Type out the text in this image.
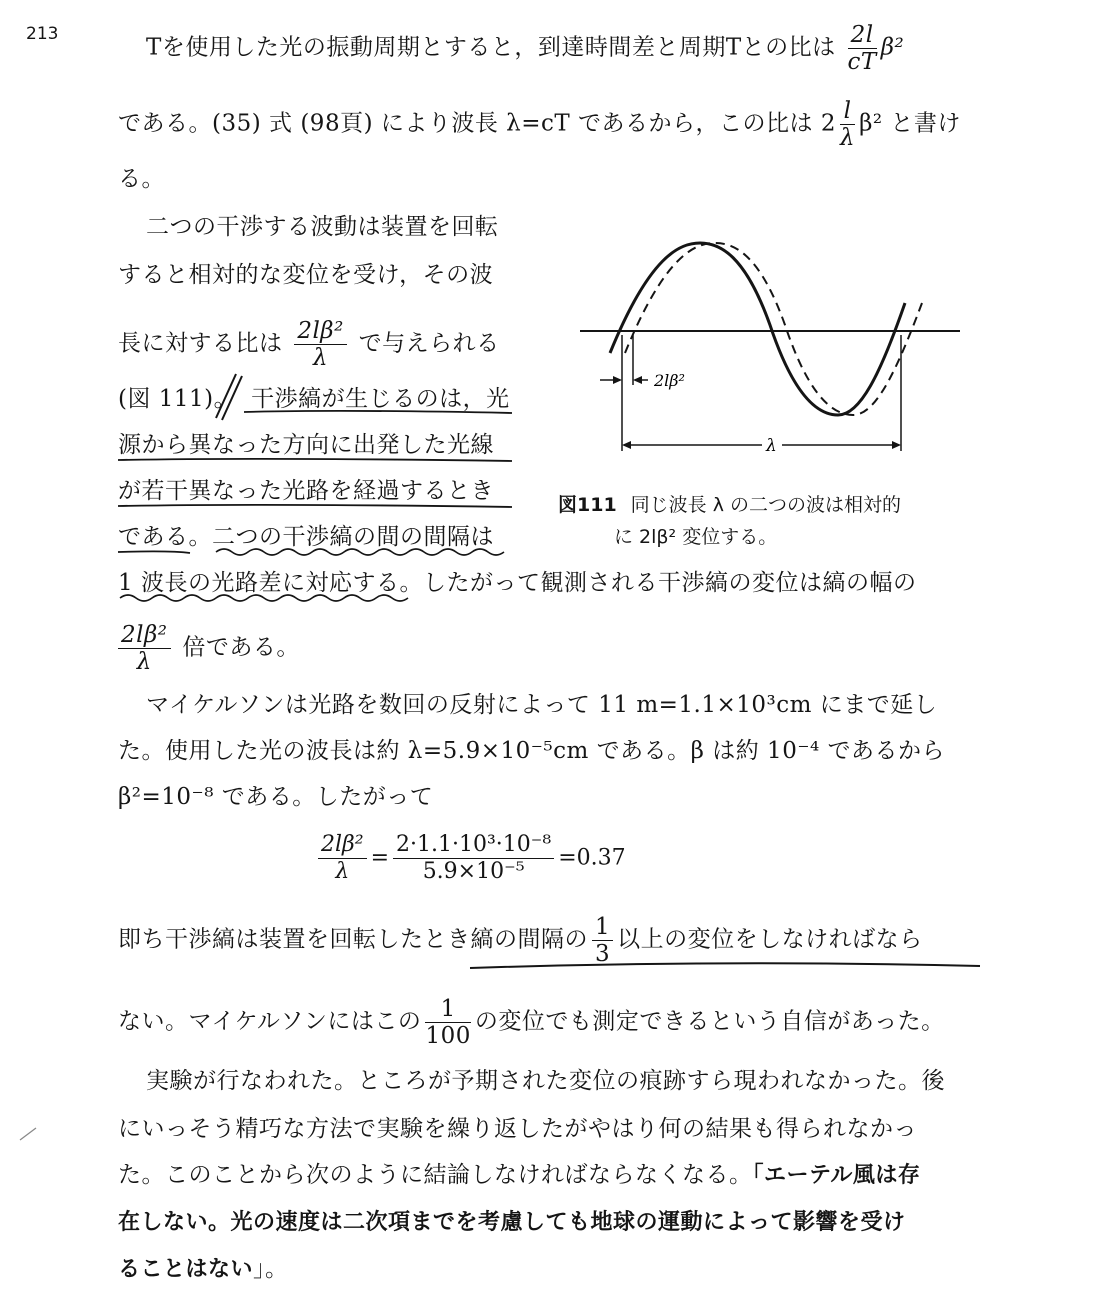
213
Tを使用した光の振動周期とすると，到達時間差と周期Tとの比は $\frac{2l}{cT} \beta^2$
である。(35) 式 (98頁) により波長 λ=cT であるから，この比は $2 \frac{l}{\lambda} \beta^2$ と書け
る。
二つの干渉する波動は装置を回転
すると相対的な変位を受け，その波
長に対する比は $\frac{\text{2lβ²}}{\lambda}$ で与えられる
(図 111)。 干渉縞が生じるのは，光
源から異なった方向に出発した光線
が若干異なった光路を経過するとき
である。二つの干渉縞の間の間隔は
1 波長の光路差に対応する。したがって観測される干渉縞の変位は縞の幅の
$\frac{\text{2lβ²}}{\lambda}$ 倍である。
2lβ²
λ
図111 同じ波長 λ の二つの波は相対的
に 2lβ² 変位する。
マイケルソンは光路を数回の反射によって 11 m=1.1×10³cm にまで延し
た。使用した光の波長は約 λ=5.9×10⁻⁵cm である。β は約 10⁻⁴ であるから
β²=10⁻⁸ である。したがって
$\frac{\text{2lβ²}}{\lambda} = \frac{\text{2·1.1·10³·10⁻⁸}}{\text{5.9×10⁻⁵}} =0.37$
即ち干渉縞は装置を回転したとき縞の間隔の $\frac{1}{3}$ 以上の変位をしなければなら
ない。マイケルソンにはこの $\frac{1}{100}$ の変位でも測定できるという自信があった。
実験が行なわれた。ところが予期された変位の痕跡すら現われなかった。後
にいっそう精巧な方法で実験を繰り返したがやはり何の結果も得られなかっ
た。このことから次のように結論しなければならなくなる。「エーテル風は存
在しない。光の速度は二次項までを考慮しても地球の運動によって影響を受け
ることはない」。
